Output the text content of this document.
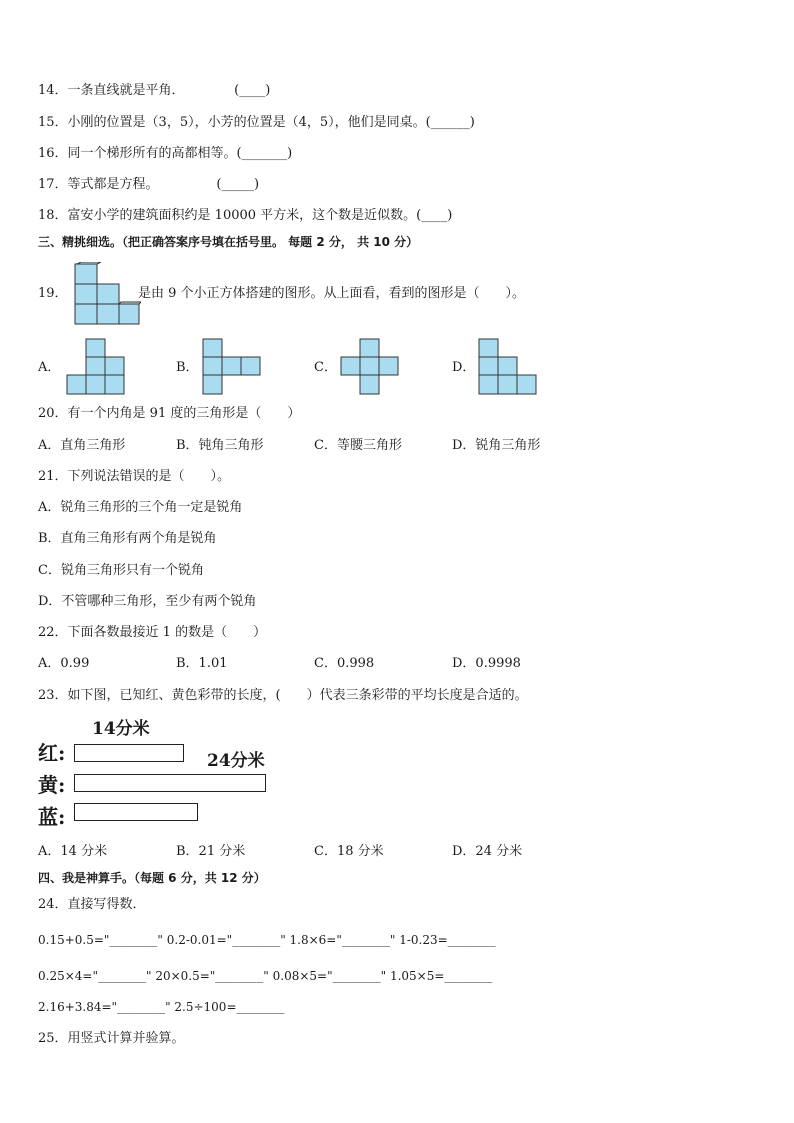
14．一条直线就是平角．            (____)
15．小刚的位置是（3，5），小芳的位置是（4，5），他们是同桌。(______)
16．同一个梯形所有的高都相等。(_______)
17．等式都是方程。              (_____)
18．富安小学的建筑面积约是 10000 平方米，这个数是近似数。(____)
三、精挑细选。（把正确答案序号填在括号里。 每题 2 分， 共 10 分）
19．	是由 9 个小正方体搭建的图形。从上面看，看到的图形是（　　）。
A．	B．	C．	D．
20．有一个内角是 91 度的三角形是（　　）
A．直角三角形	B．钝角三角形	C．等腰三角形	D．锐角三角形
21．下列说法错误的是（　　）。
A．锐角三角形的三个角一定是锐角
B．直角三角形有两个角是锐角
C．锐角三角形只有一个锐角
D．不管哪种三角形，至少有两个锐角
22．下面各数最接近 1 的数是（　　）
A．0.99	B．1.01	C．0.998	D．0.9998
23．如下图，已知红、黄色彩带的长度，(　　）代表三条彩带的平均长度是合适的。
14分米
红:	24分米
黄:
蓝:
A．14 分米	B．21 分米	C．18 分米	D．24 分米
四、我是神算手。（每题 6 分，共 12 分）
24．直接写得数．
0.15+0.5="________" 0.2-0.01="________" 1.8×6="________" 1-0.23=________
0.25×4="________" 20×0.5="________" 0.08×5="________" 1.05×5=________
2.16+3.84="________" 2.5÷100=________
25．用竖式计算并验算。
